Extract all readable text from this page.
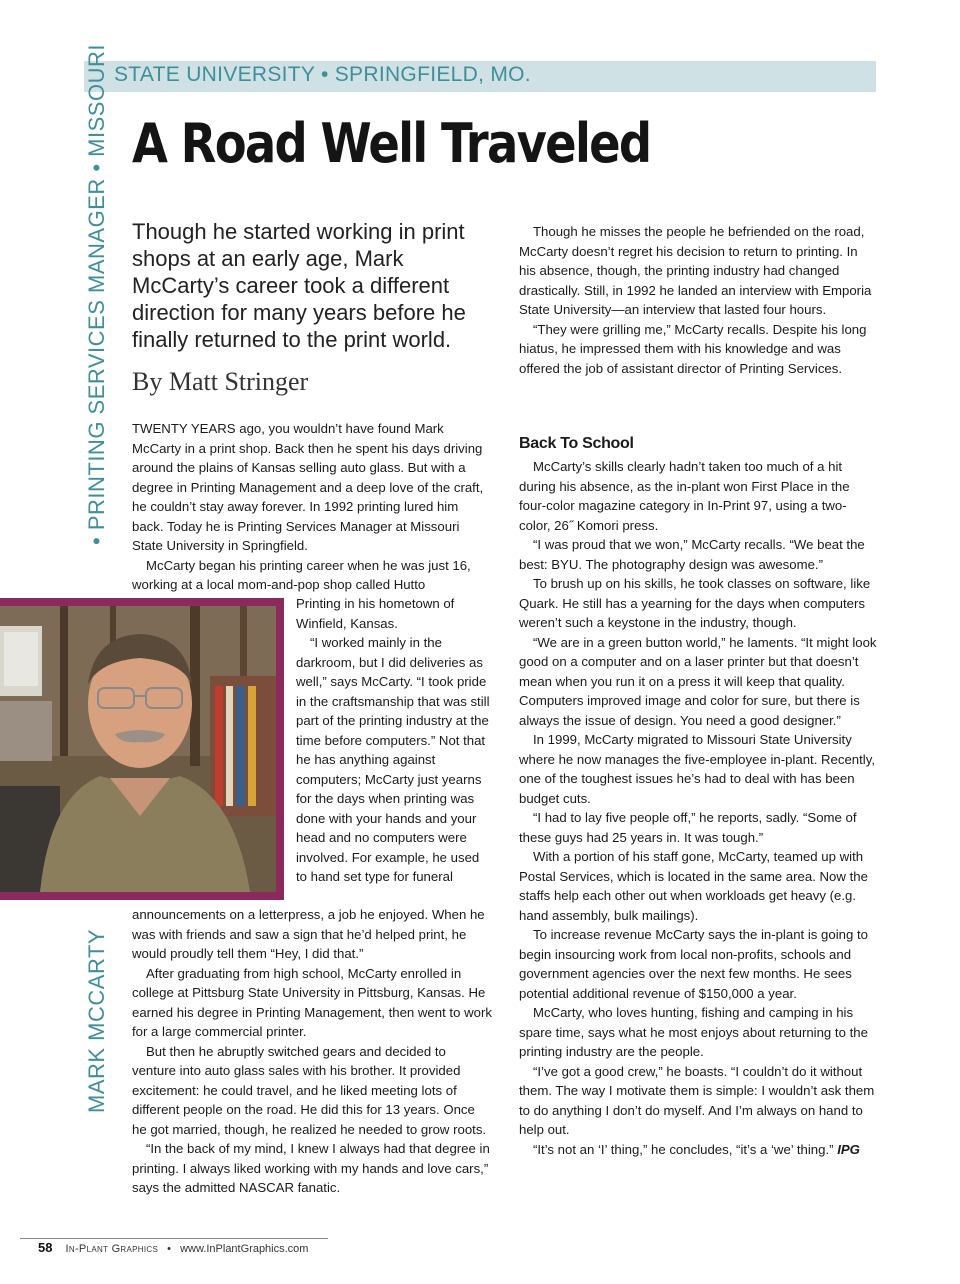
STATE UNIVERSITY • SPRINGFIELD, MO.
• PRINTING SERVICES MANAGER • MISSOURI
MARK MCCARTY
A Road Well Traveled
Though he started working in print shops at an early age, Mark McCarty’s career took a different direction for many years before he finally returned to the print world.
By Matt Stringer

TWENTY YEARS ago, you wouldn’t have found Mark McCarty in a print shop. Back then he spent his days driving around the plains of Kansas selling auto glass. But with a degree in Printing Management and a deep love of the craft, he couldn’t stay away forever. In 1992 printing lured him back. Today he is Printing Services Manager at Missouri State University in Springfield.

McCarty began his printing career when he was just 16, working at a local mom-and-pop shop called Hutto

Printing in his hometown of Winfield, Kansas.

“I worked mainly in the darkroom, but I did deliveries as well,” says McCarty. “I took pride in the craftsmanship that was still part of the printing industry at the time before computers.” Not that he has anything against computers; McCarty just yearns for the days when printing was done with your hands and your head and no computers were involved. For example, he used to hand set type for funeral

announcements on a letterpress, a job he enjoyed. When he was with friends and saw a sign that he’d helped print, he would proudly tell them “Hey, I did that.”

After graduating from high school, McCarty enrolled in college at Pittsburg State University in Pittsburg, Kansas. He earned his degree in Printing Management, then went to work for a large commercial printer.

But then he abruptly switched gears and decided to venture into auto glass sales with his brother. It provided excitement: he could travel, and he liked meeting lots of different people on the road. He did this for 13 years. Once he got married, though, he realized he needed to grow roots.

“In the back of my mind, I knew I always had that degree in printing. I always liked working with my hands and love cars,” says the admitted NASCAR fanatic.

Though he misses the people he befriended on the road, McCarty doesn’t regret his decision to return to printing. In his absence, though, the printing industry had changed drastically. Still, in 1992 he landed an interview with Emporia State University—an interview that lasted four hours.

“They were grilling me,” McCarty recalls. Despite his long hiatus, he impressed them with his knowledge and was offered the job of assistant director of Printing Services.

Back To School

McCarty’s skills clearly hadn’t taken too much of a hit during his absence, as the in-plant won First Place in the four-color magazine category in In-Print 97, using a two-color, 26˝ Komori press.

“I was proud that we won,” McCarty recalls. “We beat the best: BYU. The photography design was awesome.”

To brush up on his skills, he took classes on software, like Quark. He still has a yearning for the days when computers weren’t such a keystone in the industry, though.

“We are in a green button world,” he laments. “It might look good on a computer and on a laser printer but that doesn’t mean when you run it on a press it will keep that quality. Computers improved image and color for sure, but there is always the issue of design. You need a good designer.”

In 1999, McCarty migrated to Missouri State University where he now manages the five-employee in-plant. Recently, one of the toughest issues he’s had to deal with has been budget cuts.

“I had to lay five people off,” he reports, sadly. “Some of these guys had 25 years in. It was tough.”

With a portion of his staff gone, McCarty, teamed up with Postal Services, which is located in the same area. Now the staffs help each other out when workloads get heavy (e.g. hand assembly, bulk mailings).

To increase revenue McCarty says the in-plant is going to begin insourcing work from local non-profits, schools and government agencies over the next few months. He sees potential additional revenue of $150,000 a year.

McCarty, who loves hunting, fishing and camping in his spare time, says what he most enjoys about returning to the printing industry are the people.

“I’ve got a good crew,” he boasts. “I couldn’t do it without them. The way I motivate them is simple: I wouldn’t ask them to do anything I don’t do myself. And I’m always on hand to help out.

“It’s not an ‘I’ thing,” he concludes, “it’s a ‘we’ thing.” IPG

58 In-Plant Graphics • www.InPlantGraphics.com
